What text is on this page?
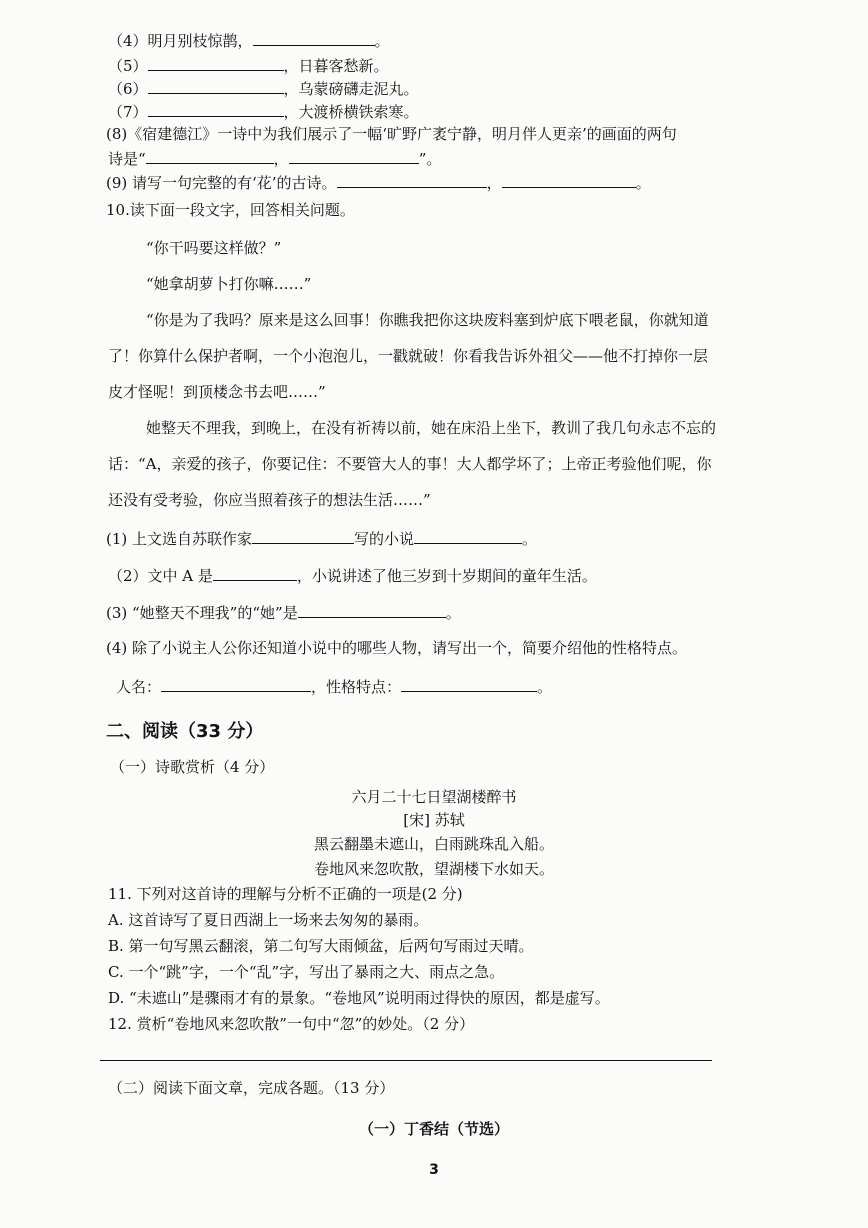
（4）明月别枝惊鹊，	。
（5）	，日暮客愁新。
（6）	，乌蒙磅礴走泥丸。
（7）	，大渡桥横铁索寒。
(8)《宿建德江》一诗中为我们展示了一幅‘旷野广袤宁静，明月伴人更亲’的画面的两句
诗是“	，	”。
(9) 请写一句完整的有‘花’的古诗。	，	。
10.读下面一段文字，回答相关问题。
“你干吗要这样做？”
“她拿胡萝卜打你嘛……”
“你是为了我吗？原来是这么回事！你瞧我把你这块废料塞到炉底下喂老鼠，你就知道
了！你算什么保护者啊，一个小泡泡儿，一戳就破！你看我告诉外祖父——他不打掉你一层
皮才怪呢！到顶楼念书去吧……”
她整天不理我，到晚上，在没有祈祷以前，她在床沿上坐下，教训了我几句永志不忘的
话：“A，亲爱的孩子，你要记住：不要管大人的事！大人都学坏了；上帝正考验他们呢，你
还没有受考验，你应当照着孩子的想法生活……”
(1) 上文选自苏联作家	写的小说	。
（2）文中 A 是	，小说讲述了他三岁到十岁期间的童年生活。
(3) “她整天不理我”的“她”是	。
(4) 除了小说主人公你还知道小说中的哪些人物，请写出一个，简要介绍他的性格特点。
人名：	，性格特点：	。
二、阅读（33 分）
（一）诗歌赏析（4 分）
六月二十七日望湖楼醉书
[宋] 苏轼
黑云翻墨未遮山，白雨跳珠乱入船。
卷地风来忽吹散，望湖楼下水如天。
11. 下列对这首诗的理解与分析不正确的一项是(2 分)
A. 这首诗写了夏日西湖上一场来去匆匆的暴雨。
B. 第一句写黑云翻滚，第二句写大雨倾盆，后两句写雨过天晴。
C. 一个“跳”字，一个“乱”字，写出了暴雨之大、雨点之急。
D. “未遮山”是骤雨才有的景象。“卷地风”说明雨过得快的原因，都是虚写。
12. 赏析“卷地风来忽吹散”一句中“忽”的妙处。（2 分）
（二）阅读下面文章，完成各题。（13 分）
（一）丁香结（节选）
3
